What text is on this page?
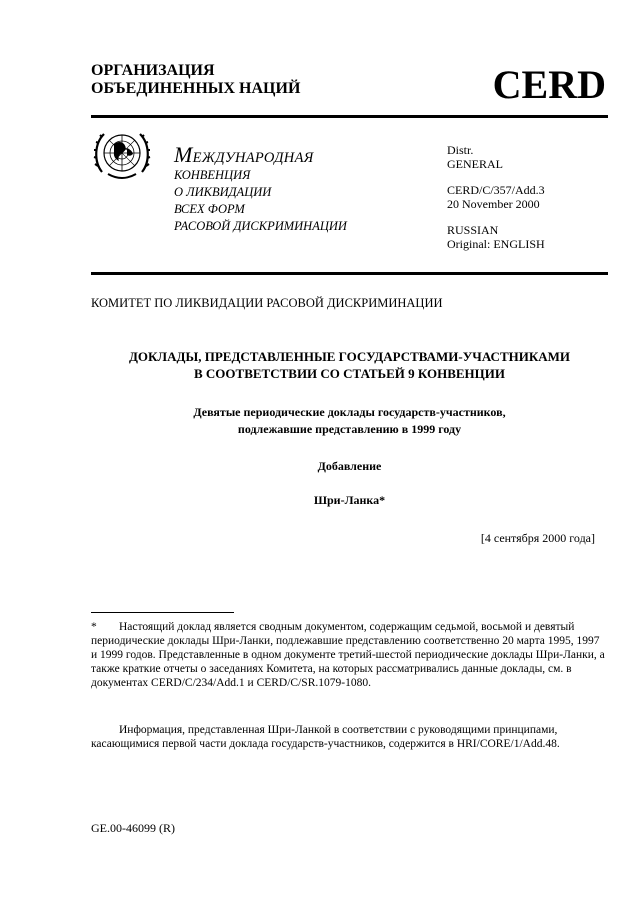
ОРГАНИЗАЦИЯ
ОБЪЕДИНЕННЫХ НАЦИЙ	CERD
МЕЖДУНАРОДНАЯ
КОНВЕНЦИЯ
О ЛИКВИДАЦИИ
ВСЕХ ФОРМ
РАСОВОЙ ДИСКРИМИНАЦИИ
Distr.
GENERAL
CERD/C/357/Add.3
20 November 2000
RUSSIAN
Original: ENGLISH
КОМИТЕТ ПО ЛИКВИДАЦИИ РАСОВОЙ ДИСКРИМИНАЦИИ
ДОКЛАДЫ, ПРЕДСТАВЛЕННЫЕ ГОСУДАРСТВАМИ-УЧАСТНИКАМИ
В СООТВЕТСТВИИ СО СТАТЬЕЙ 9 КОНВЕНЦИИ
Девятые периодические доклады государств-участников,
подлежавшие представлению в 1999 году
Добавление
Шри-Ланка*
[4 сентября 2000 года]
* Настоящий доклад является сводным документом, содержащим седьмой, восьмой и девятый периодические доклады Шри-Ланки, подлежавшие представлению соответственно 20 марта 1995, 1997 и 1999 годов. Представленные в одном документе третий-шестой периодические доклады Шри-Ланки, а также краткие отчеты о заседаниях Комитета, на которых рассматривались данные доклады, см. в документах CERD/C/234/Add.1 и CERD/C/SR.1079-1080.
Информация, представленная Шри-Ланкой в соответствии с руководящими принципами, касающимися первой части доклада государств-участников, содержится в HRI/CORE/1/Add.48.
GE.00-46099 (R)
